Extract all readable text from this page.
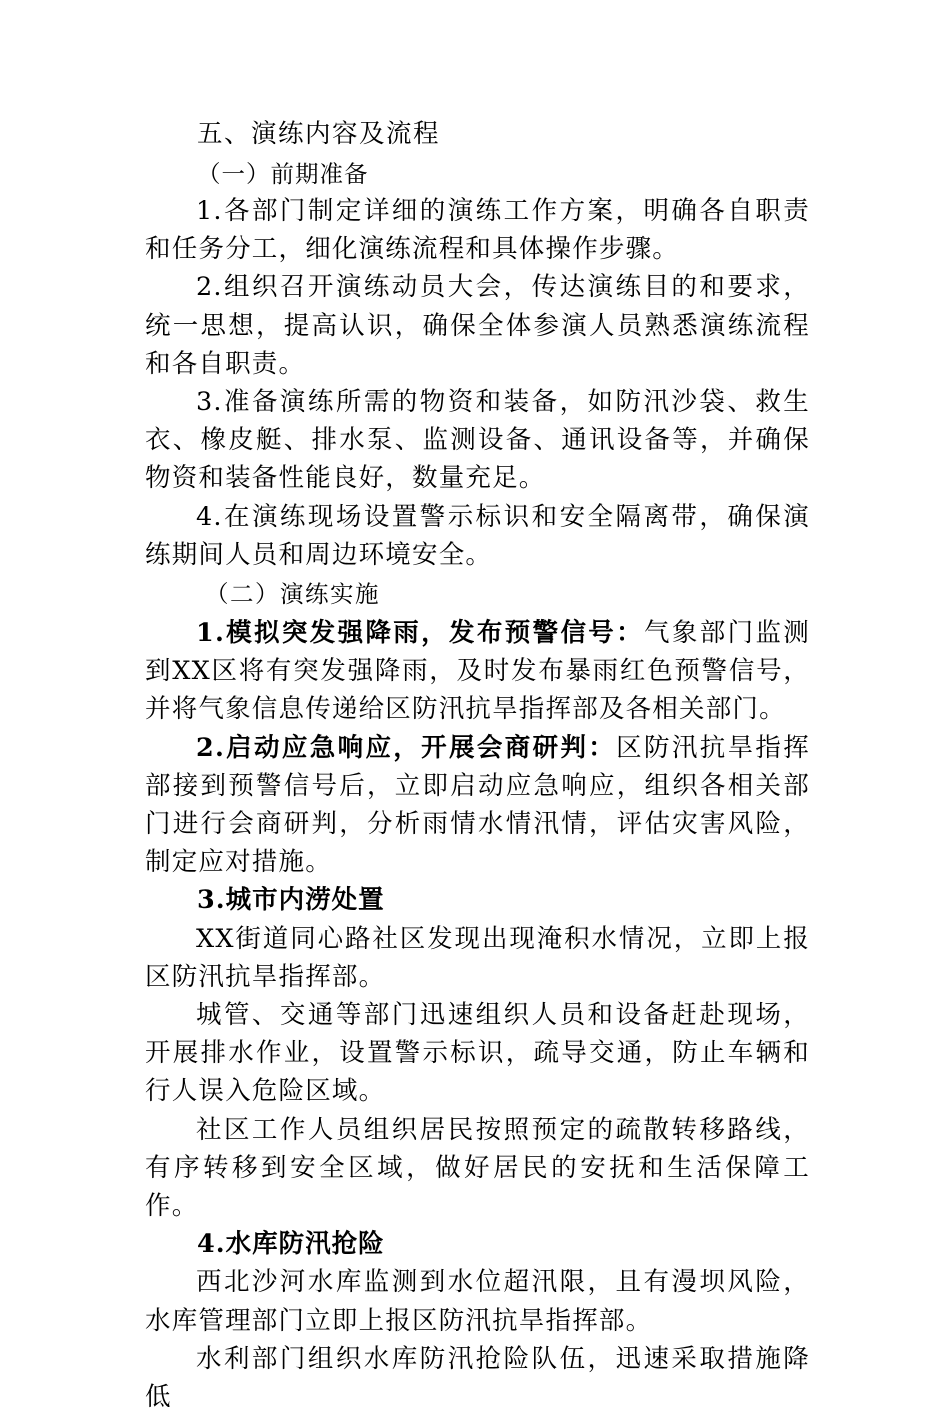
五、演练内容及流程
（一）前期准备

1.各部门制定详细的演练工作方案，明确各自职责和任务分工，细化演练流程和具体操作步骤。

2.组织召开演练动员大会，传达演练目的和要求，统一思想，提高认识，确保全体参演人员熟悉演练流程和各自职责。

3.准备演练所需的物资和装备，如防汛沙袋、救生衣、橡皮艇、排水泵、监测设备、通讯设备等，并确保物资和装备性能良好，数量充足。

4.在演练现场设置警示标识和安全隔离带，确保演练期间人员和周边环境安全。

（二）演练实施

1.模拟突发强降雨，发布预警信号：气象部门监测到XX区将有突发强降雨，及时发布暴雨红色预警信号，并将气象信息传递给区防汛抗旱指挥部及各相关部门。

2.启动应急响应，开展会商研判：区防汛抗旱指挥部接到预警信号后，立即启动应急响应，组织各相关部门进行会商研判，分析雨情水情汛情，评估灾害风险，制定应对措施。

3.城市内涝处置

XX街道同心路社区发现出现淹积水情况，立即上报区防汛抗旱指挥部。

城管、交通等部门迅速组织人员和设备赶赴现场，开展排水作业，设置警示标识，疏导交通，防止车辆和行人误入危险区域。

社区工作人员组织居民按照预定的疏散转移路线，有序转移到安全区域，做好居民的安抚和生活保障工作。

4.水库防汛抢险

西北沙河水库监测到水位超汛限，且有漫坝风险，水库管理部门立即上报区防汛抗旱指挥部。

水利部门组织水库防汛抢险队伍，迅速采取措施降低
